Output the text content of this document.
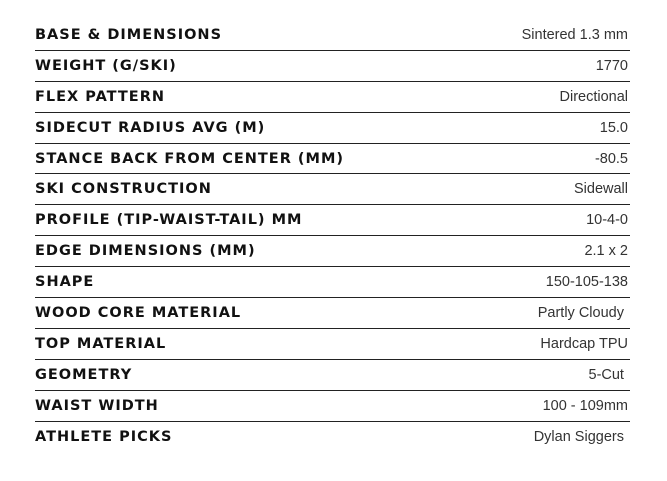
BASE & DIMENSIONS	Sintered 1.3 mm
WEIGHT (G/SKI)	1770
FLEX PATTERN	Directional
SIDECUT RADIUS AVG (M)	15.0
STANCE BACK FROM CENTER (MM)	-80.5
SKI CONSTRUCTION	Sidewall
PROFILE (TIP-WAIST-TAIL) MM	10-4-0
EDGE DIMENSIONS (MM)	2.1 x 2
SHAPE	150-105-138
WOOD CORE MATERIAL	Partly Cloudy
TOP MATERIAL	Hardcap TPU
GEOMETRY	5-Cut
WAIST WIDTH	100 - 109mm
ATHLETE PICKS	Dylan Siggers
